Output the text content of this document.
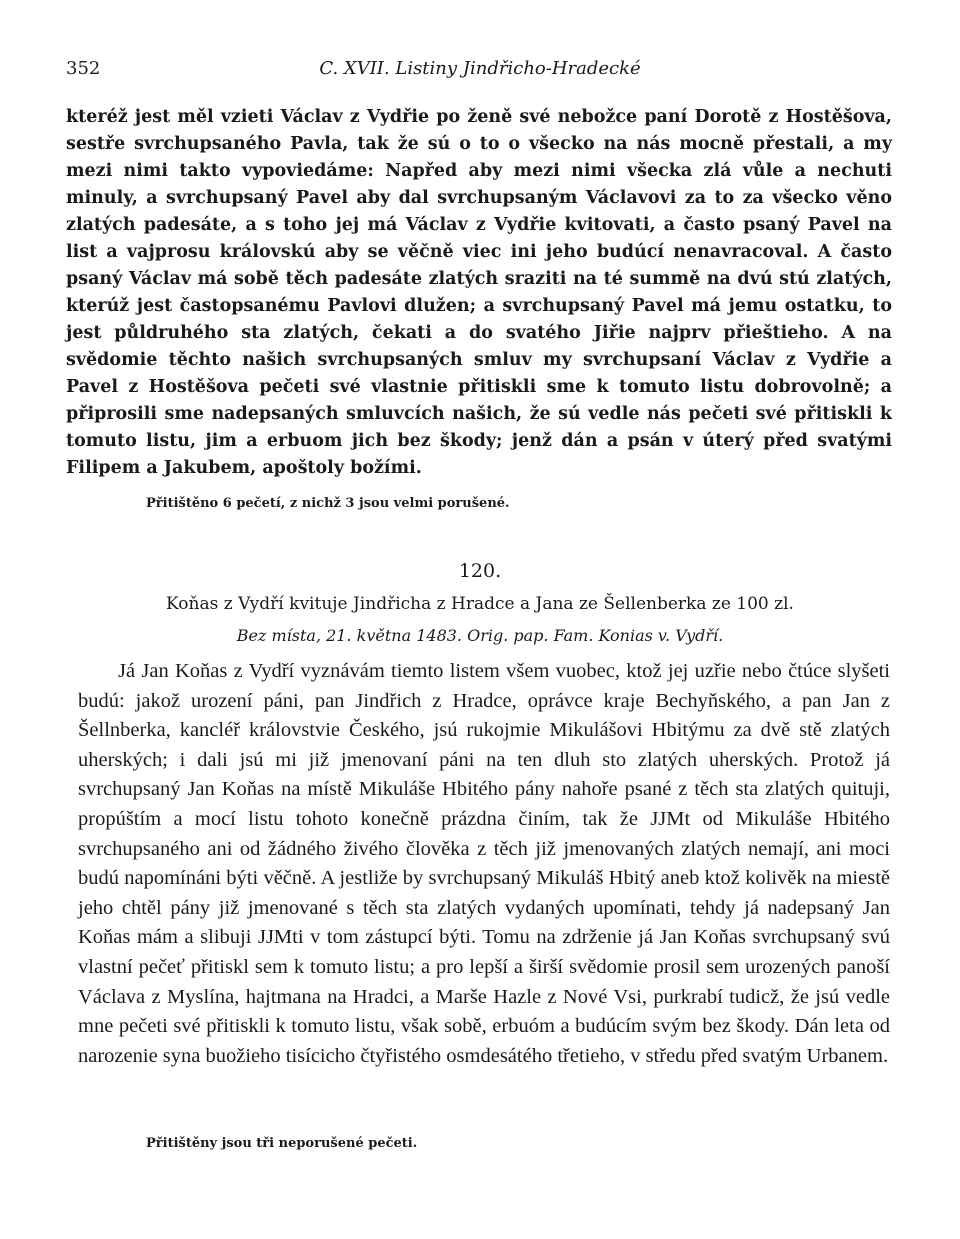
352	C. XVII. Listiny Jindřicho-Hradecké

kteréž jest měl vzieti Václav z Vydřie po ženě své nebožce paní Dorotě z Hostěšova, sestře svrchupsaného Pavla, tak že sú o to o všecko na nás mocně přestali, a my mezi nimi takto vypoviedáme: Napřed aby mezi nimi všecka zlá vůle a nechuti minuly, a svrchupsaný Pavel aby dal svrchupsaným Václavovi za to za všecko věno zlatých padesáte, a s toho jej má Václav z Vydřie kvitovati, a často psaný Pavel na list a vajprosu královskú aby se věčně viec ini jeho budúcí nenavracoval. A často psaný Václav má sobě těch padesáte zlatých sraziti na té summě na dvú stú zlatých, kterúž jest častopsanému Pavlovi dlužen; a svrchupsaný Pavel má jemu ostatku, to jest půldruhého sta zlatých, čekati a do svatého Jiřie najprv přieštieho. A na svědomie těchto našich svrchupsaných smluv my svrchupsaní Václav z Vydřie a Pavel z Hostěšova pečeti své vlastnie přitiskli sme k tomuto listu dobrovolně; a připrosili sme nadepsaných smluvcích našich, že sú vedle nás pečeti své přitiskli k tomuto listu, jim a erbuom jich bez škody; jenž dán a psán v úterý před svatými Filipem a Jakubem, apoštoly božími.

Přitištěno 6 pečetí, z nichž 3 jsou velmi porušené.

120.

Koňas z Vydří kvituje Jindřicha z Hradce a Jana ze Šellenberka ze 100 zl.

Bez místa, 21. května 1483. Orig. pap. Fam. Konias v. Vydří.

Já Jan Koňas z Vydří vyznávám tiemto listem všem vuobec, ktož jej uzřie nebo čtúce slyšeti budú: jakož urození páni, pan Jindřich z Hradce, oprávce kraje Bechyňského, a pan Jan z Šellnberka, kancléř královstvie Českého, jsú rukojmie Mikulášovi Hbitýmu za dvě stě zlatých uherských; i dali jsú mi již jmenovaní páni na ten dluh sto zlatých uherských. Protož já svrchupsaný Jan Koňas na místě Mikuláše Hbitého pány nahoře psané z těch sta zlatých quituji, propúštím a mocí listu tohoto konečně prázdna činím, tak že JJMt od Mikuláše Hbitého svrchupsaného ani od žádného živého člověka z těch již jmenovaných zlatých nemají, ani moci budú napomínáni býti věčně. A jestliže by svrchupsaný Mikuláš Hbitý aneb ktož kolivěk na miestě jeho chtěl pány již jmenované s těch sta zlatých vydaných upomínati, tehdy já nadepsaný Jan Koňas mám a slibuji JJMti v tom zástupcí býti. Tomu na zdrženie já Jan Koňas svrchupsaný svú vlastní pečeť přitiskl sem k tomuto listu; a pro lepší a širší svědomie prosil sem urozených panoší Václava z Myslína, hajtmana na Hradci, a Marše Hazle z Nové Vsi, purkrabí tudicž, že jsú vedle mne pečeti své přitiskli k tomuto listu, však sobě, erbuóm a budúcím svým bez škody. Dán leta od narozenie syna buožieho tisícicho čtyřistého osmdesátého třetieho, v středu před svatým Urbanem.

Přitištěny jsou tři neporušené pečeti.
